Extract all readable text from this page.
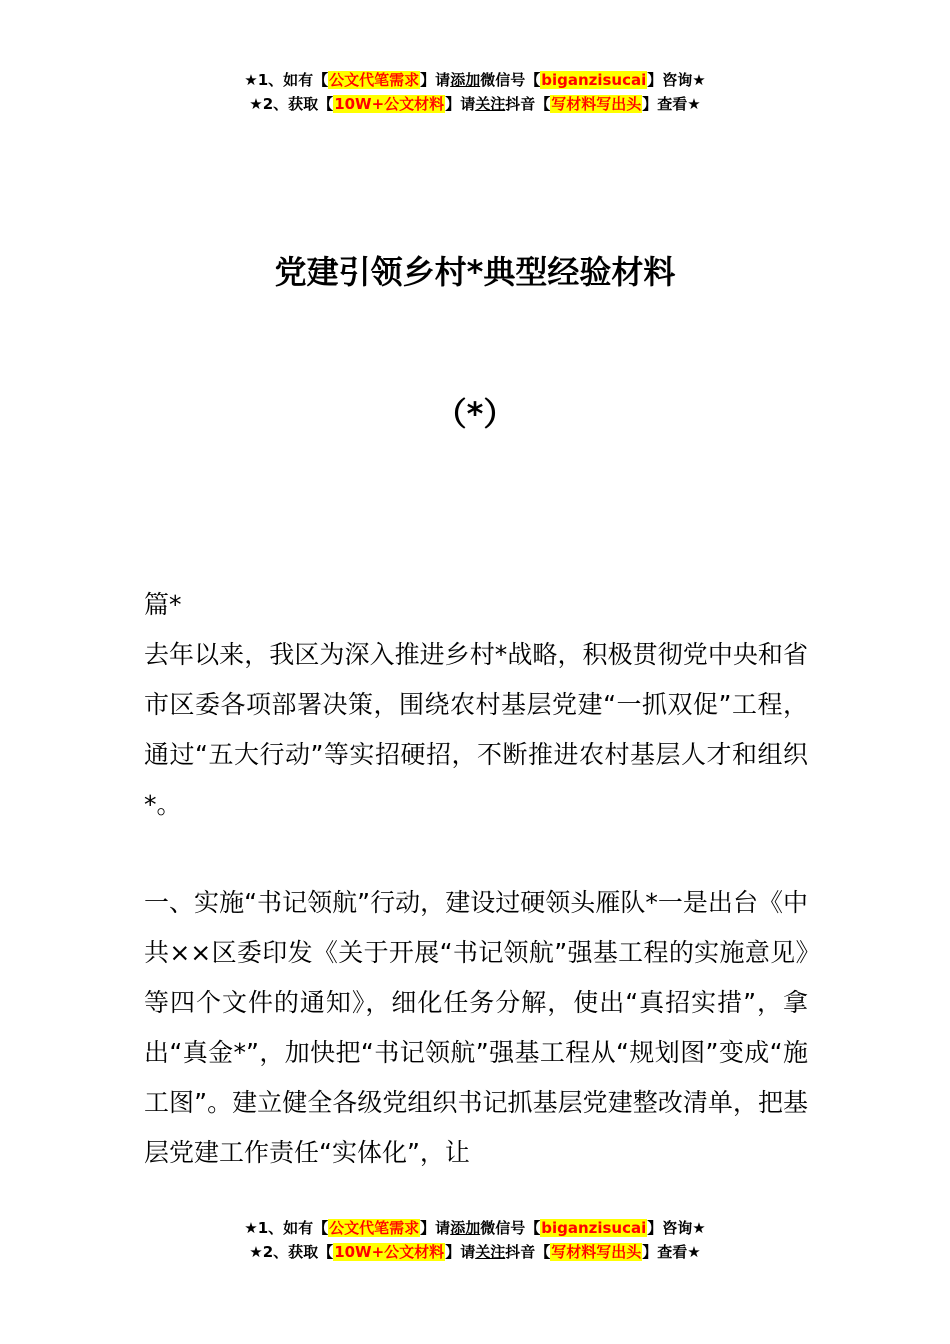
★1、如有【公文代笔需求】请添加微信号【biganzisucai】咨询★
★2、获取【10W+公文材料】请关注抖音【写材料写出头】查看★
党建引领乡村*典型经验材料
（*）

篇*

去年以来，我区为深入推进乡村*战略，积极贯彻党中央和省市区委各项部署决策，围绕农村基层党建“一抓双促”工程，通过“五大行动”等实招硬招，不断推进农村基层人才和组织*。

一、实施“书记领航”行动，建设过硬领头雁队*一是出台《中共××区委印发《关于开展“书记领航”强基工程的实施意见》等四个文件的通知》，细化任务分解，使出“真招实措”，拿出“真金*”，加快把“书记领航”强基工程从“规划图”变成“施工图”。建立健全各级党组织书记抓基层党建整改清单，把基层党建工作责任“实体化”，让

★1、如有【公文代笔需求】请添加微信号【biganzisucai】咨询★
★2、获取【10W+公文材料】请关注抖音【写材料写出头】查看★
